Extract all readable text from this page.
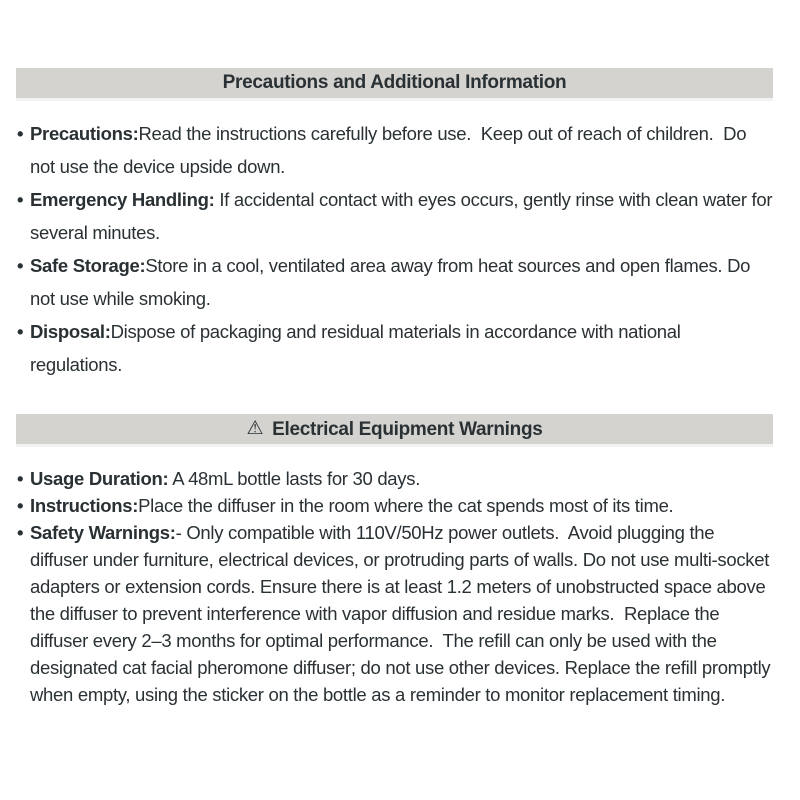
Precautions and Additional Information
• Precautions:Read the instructions carefully before use.  Keep out of reach of children.  Do not use the device upside down.
• Emergency Handling: If accidental contact with eyes occurs, gently rinse with clean water for several minutes.
• Safe Storage:Store in a cool, ventilated area away from heat sources and open flames. Do not use while smoking.
• Disposal:Dispose of packaging and residual materials in accordance with national regulations.
⚠ Electrical Equipment Warnings
• Usage Duration: A 48mL bottle lasts for 30 days.
• Instructions:Place the diffuser in the room where the cat spends most of its time.
• Safety Warnings:- Only compatible with 110V/50Hz power outlets.  Avoid plugging the diffuser under furniture, electrical devices, or protruding parts of walls. Do not use multi-socket adapters or extension cords. Ensure there is at least 1.2 meters of unobstructed space above the diffuser to prevent interference with vapor diffusion and residue marks.  Replace the diffuser every 2–3 months for optimal performance.  The refill can only be used with the designated cat facial pheromone diffuser; do not use other devices. Replace the refill promptly when empty, using the sticker on the bottle as a reminder to monitor replacement timing.
